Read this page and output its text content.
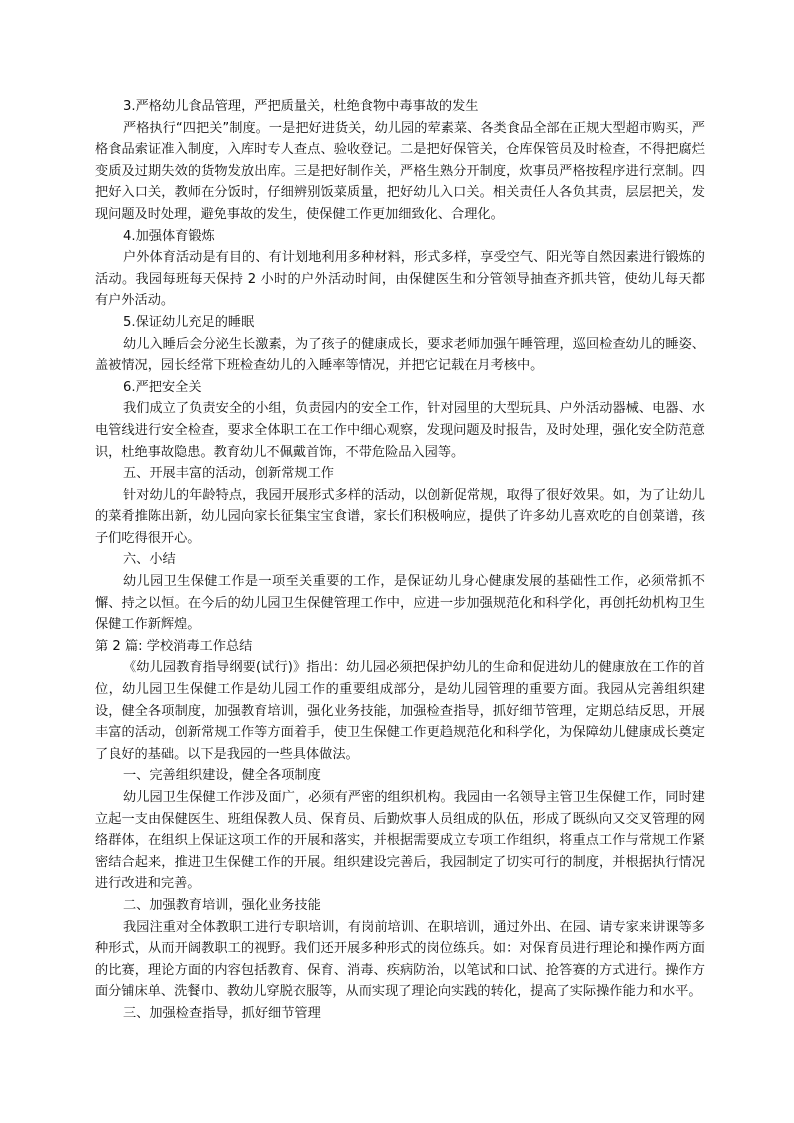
3.严格幼儿食品管理，严把质量关，杜绝食物中毒事故的发生

严格执行“四把关”制度。一是把好进货关，幼儿园的荤素菜、各类食品全部在正规大型超市购买，严格食品索证准入制度，入库时专人查点、验收登记。二是把好保管关，仓库保管员及时检查，不得把腐烂变质及过期失效的货物发放出库。三是把好制作关，严格生熟分开制度，炊事员严格按程序进行烹制。四把好入口关，教师在分饭时，仔细辨别饭菜质量，把好幼儿入口关。相关责任人各负其责，层层把关，发现问题及时处理，避免事故的发生，使保健工作更加细致化、合理化。

4.加强体育锻炼

户外体育活动是有目的、有计划地利用多种材料，形式多样，享受空气、阳光等自然因素进行锻炼的活动。我园每班每天保持 2 小时的户外活动时间，由保健医生和分管领导抽查齐抓共管，使幼儿每天都有户外活动。

5.保证幼儿充足的睡眠

幼儿入睡后会分泌生长激素，为了孩子的健康成长，要求老师加强午睡管理，巡回检查幼儿的睡姿、盖被情况，园长经常下班检查幼儿的入睡率等情况，并把它记载在月考核中。

6.严把安全关

我们成立了负责安全的小组，负责园内的安全工作，针对园里的大型玩具、户外活动器械、电器、水电管线进行安全检查，要求全体职工在工作中细心观察，发现问题及时报告，及时处理，强化安全防范意识，杜绝事故隐患。教育幼儿不佩戴首饰，不带危险品入园等。

五、开展丰富的活动，创新常规工作

针对幼儿的年龄特点，我园开展形式多样的活动，以创新促常规，取得了很好效果。如，为了让幼儿的菜肴推陈出新，幼儿园向家长征集宝宝食谱，家长们积极响应，提供了许多幼儿喜欢吃的自创菜谱，孩子们吃得很开心。

六、小结

幼儿园卫生保健工作是一项至关重要的工作，是保证幼儿身心健康发展的基础性工作，必须常抓不懈、持之以恒。在今后的幼儿园卫生保健管理工作中，应进一步加强规范化和科学化，再创托幼机构卫生保健工作新辉煌。

第 2 篇: 学校消毒工作总结

《幼儿园教育指导纲要(试行)》指出：幼儿园必须把保护幼儿的生命和促进幼儿的健康放在工作的首位，幼儿园卫生保健工作是幼儿园工作的重要组成部分，是幼儿园管理的重要方面。我园从完善组织建设，健全各项制度，加强教育培训，强化业务技能，加强检查指导，抓好细节管理，定期总结反思，开展丰富的活动，创新常规工作等方面着手，使卫生保健工作更趋规范化和科学化，为保障幼儿健康成长奠定了良好的基础。以下是我园的一些具体做法。

一、完善组织建设，健全各项制度

幼儿园卫生保健工作涉及面广，必须有严密的组织机构。我园由一名领导主管卫生保健工作，同时建立起一支由保健医生、班组保教人员、保育员、后勤炊事人员组成的队伍，形成了既纵向又交叉管理的网络群体，在组织上保证这项工作的开展和落实，并根据需要成立专项工作组织，将重点工作与常规工作紧密结合起来，推进卫生保健工作的开展。组织建设完善后，我园制定了切实可行的制度，并根据执行情况进行改进和完善。

二、加强教育培训，强化业务技能

我园注重对全体教职工进行专职培训，有岗前培训、在职培训，通过外出、在园、请专家来讲课等多种形式，从而开阔教职工的视野。我们还开展多种形式的岗位练兵。如：对保育员进行理论和操作两方面的比赛，理论方面的内容包括教育、保育、消毒、疾病防治，以笔试和口试、抢答赛的方式进行。操作方面分铺床单、洗餐巾、教幼儿穿脱衣服等，从而实现了理论向实践的转化，提高了实际操作能力和水平。

三、加强检查指导，抓好细节管理
